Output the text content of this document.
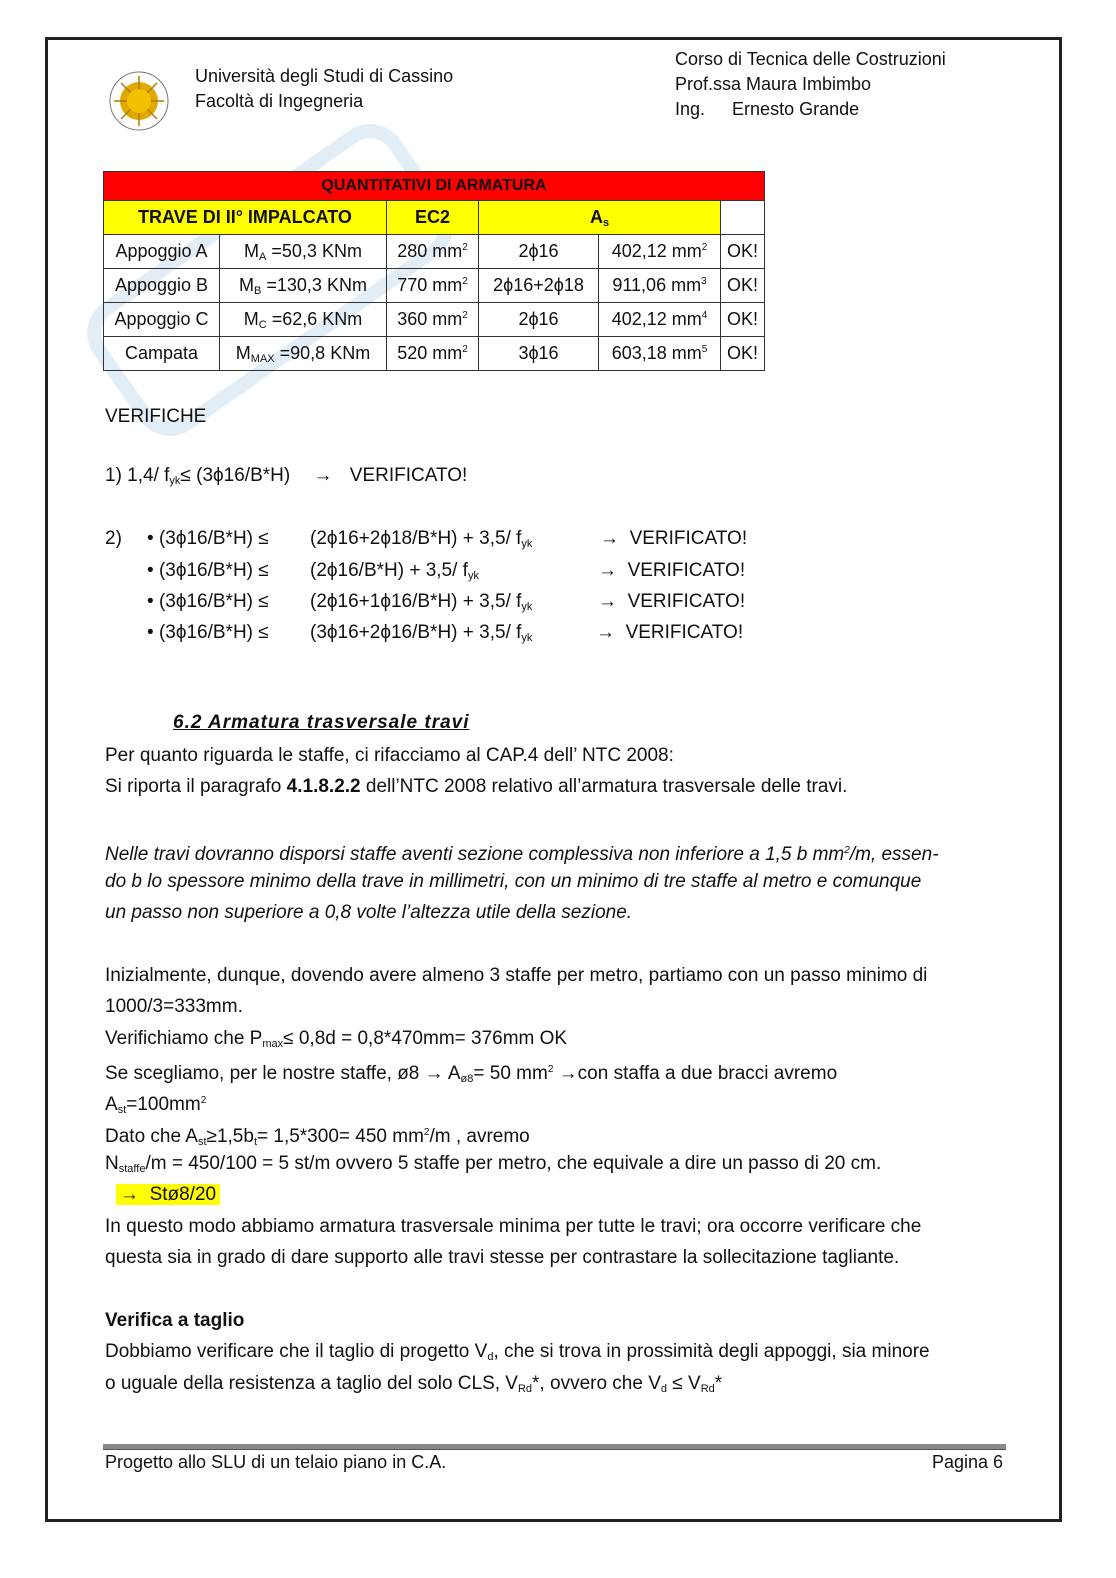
Università degli Studi di Cassino
Facoltà di Ingegneria
Corso di Tecnica delle Costruzioni
Prof.ssa Maura Imbimbo
Ing. Ernesto Grande
QUANTITATIVI DI ARMATURA					
TRAVE DI II° IMPALCATO		EC2	$A_s$	
Appoggio A	$M_A =50,3$ KNm	280 $mm^2$	2ϕ16	402,12 $mm^2$	OK!
Appoggio B	$M_B =130,3$ KNm	770 $mm^2$	2ϕ16+2ϕ18	911,06 $mm^3$	OK!
Appoggio C	$M_C =62,6$ KNm	360 $mm^2$	2ϕ16	402,12 $mm^4$	OK!
Campata	$M_{MAX} =90,8$ KNm	520 $mm^2$	3ϕ16	603,18 $mm^5$	OK!
VERIFICHE
1) 1,4/ $f_{yk}\le (3\phi 16/B*H)$ → VERIFICATO!
2) • (3ϕ16/B*H) ≤ (2ϕ16+2ϕ18/B*H) + 3,5/ $f_{yk}$	→ VERIFICATO!
• (3ϕ16/B*H) ≤ (2ϕ16/B*H) + 3,5/ $f_{yk}$	→ VERIFICATO!
• (3ϕ16/B*H) ≤ (2ϕ16+1ϕ16/B*H) + 3,5/ $f_{yk}$	→ VERIFICATO!
• (3ϕ16/B*H) ≤ (3ϕ16+2ϕ16/B*H) + 3,5/ $f_{yk}$	→ VERIFICATO!
6.2 Armatura trasversale travi
Per quanto riguarda le staffe, ci rifacciamo al CAP.4 dell’ NTC 2008:
Si riporta il paragrafo 4.1.8.2.2 dell’NTC 2008 relativo all’armatura trasversale delle travi.
Nelle travi dovranno disporsi staffe aventi sezione complessiva non inferiore a 1,5 b $mm^2/m$, essen-
do b lo spessore minimo della trave in millimetri, con un minimo di tre staffe al metro e comunque
un passo non superiore a 0,8 volte l’altezza utile della sezione.
Inizialmente, dunque, dovendo avere almeno 3 staffe per metro, partiamo con un passo minimo di
1000/3=333mm.
Verifichiamo che $P_{max}\le 0,8d = 0,8*470mm= 376mm$ OK
Se scegliamo, per le nostre staffe, ø8 → $A_{ø8}= 50$ $mm^2 \to con$ staffa a due bracci avremo
$A_{st}=100mm^2$
Dato che $A_{st}\ge 1,5b_t= 1,5*300= 450$ $mm^2/m$ , avremo
$N_{staffe}/m = 450/100 = 5$ st/m ovvero 5 staffe per metro, che equivale a dire un passo di 20 cm.
→ Stø8/20
In questo modo abbiamo armatura trasversale minima per tutte le travi; ora occorre verificare che
questa sia in grado di dare supporto alle travi stesse per contrastare la sollecitazione tagliante.
Verifica a taglio
Dobbiamo verificare che il taglio di progetto $V_d$, che si trova in prossimità degli appoggi, sia minore
o uguale della resistenza a taglio del solo CLS, $V_{Rd}*$, ovvero che $V_d \le V_{Rd}*$
Progetto allo SLU di un telaio piano in C.A.	Pagina 6
